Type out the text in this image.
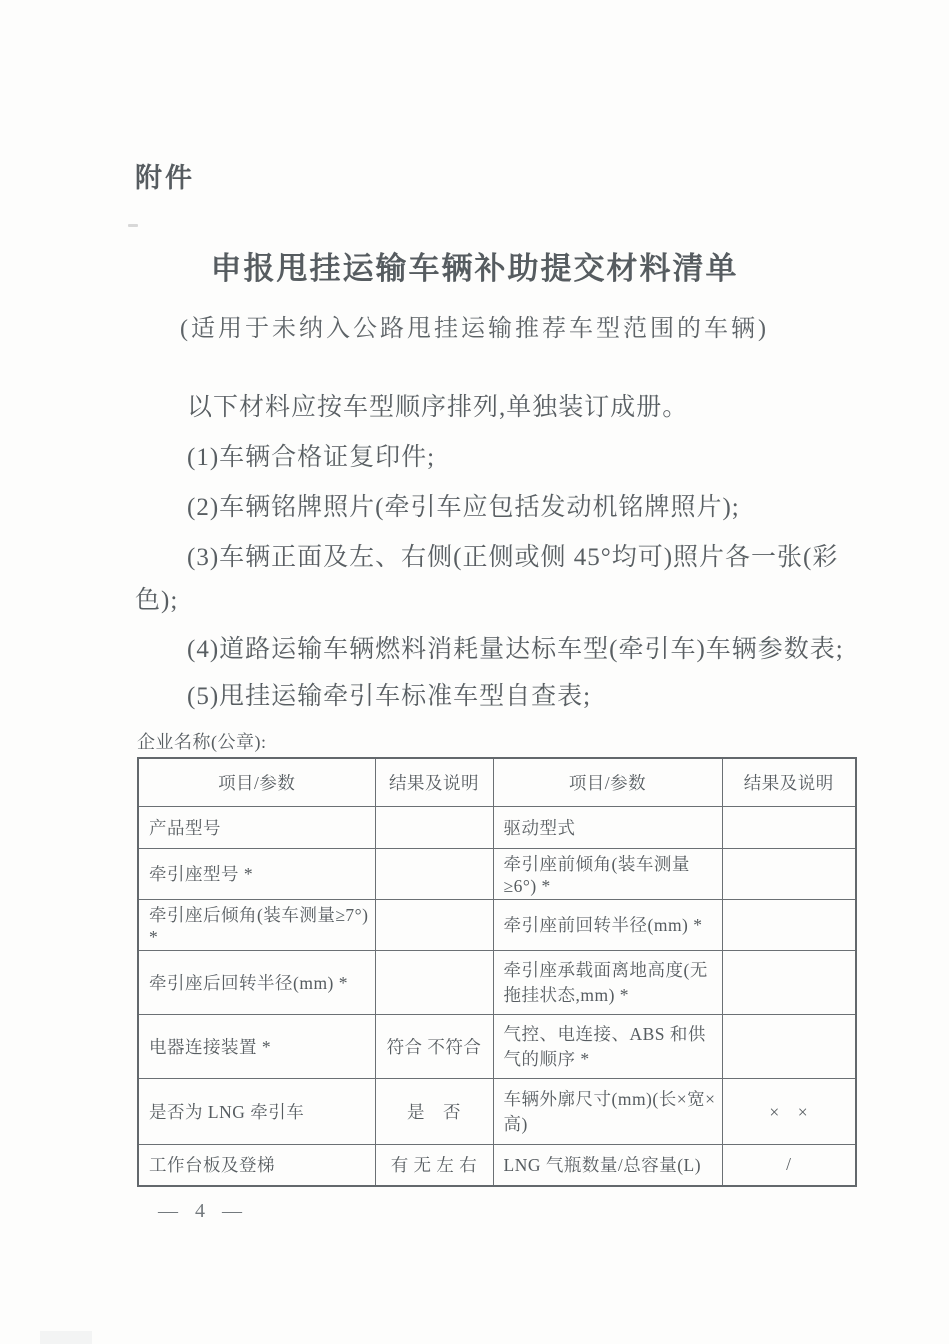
附件
申报甩挂运输车辆补助提交材料清单
(适用于未纳入公路甩挂运输推荐车型范围的车辆)
以下材料应按车型顺序排列,单独装订成册。
(1)车辆合格证复印件;
(2)车辆铭牌照片(牵引车应包括发动机铭牌照片);
(3)车辆正面及左、右侧(正侧或侧 45°均可)照片各一张(彩
色);
(4)道路运输车辆燃料消耗量达标车型(牵引车)车辆参数表;
(5)甩挂运输牵引车标准车型自查表;
企业名称(公章):
项目/参数	结果及说明	项目/参数	结果及说明
产品型号		驱动型式	
牵引座型号 *		牵引座前倾角(装车测量≥6°) *	
牵引座后倾角(装车测量≥7°) *		牵引座前回转半径(mm) *	
牵引座后回转半径(mm) *		牵引座承载面离地高度(无拖挂状态,mm) *	
电器连接装置 *	符合 不符合	气控、电连接、ABS 和供气的顺序 *	
是否为 LNG 牵引车	是　否	车辆外廓尺寸(mm)(长×宽×高)	×　×
工作台板及登梯	有 无 左 右	LNG 气瓶数量/总容量(L)	/
— 4 —
